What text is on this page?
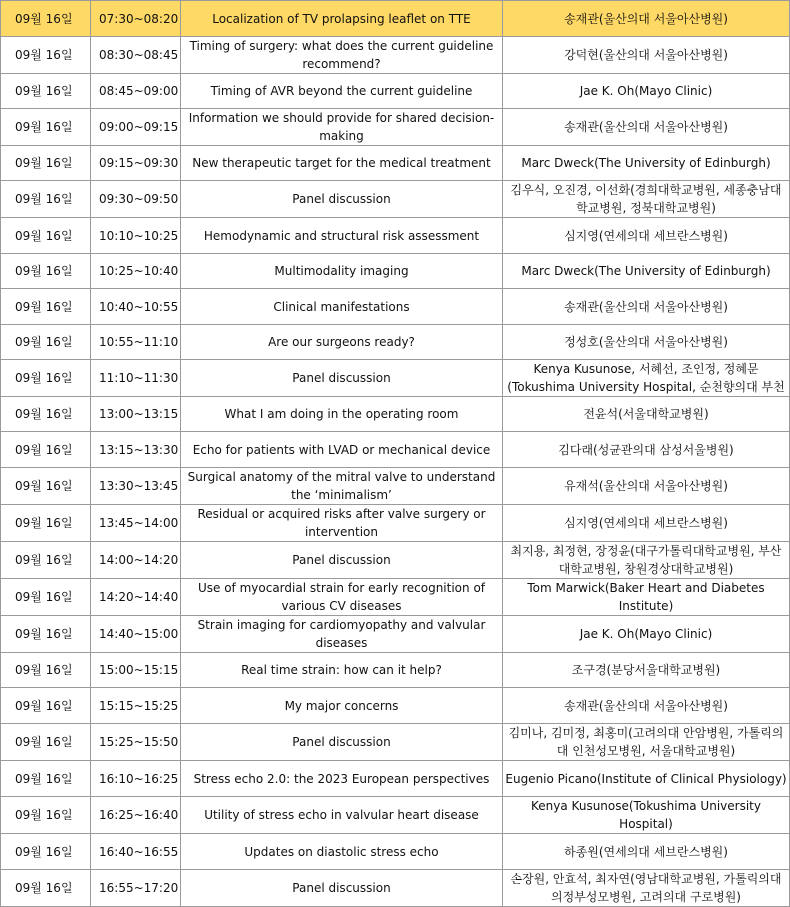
09월 16일	07:30~08:20	Localization of TV prolapsing leaflet on TTE	송재관(울산의대 서울아산병원)
09월 16일	08:30~08:45	Timing of surgery: what does the current guideline recommend?	강덕현(울산의대 서울아산병원)
09월 16일	08:45~09:00	Timing of AVR beyond the current guideline	Jae K. Oh(Mayo Clinic)
09월 16일	09:00~09:15	Information we should provide for shared decision-making	송재관(울산의대 서울아산병원)
09월 16일	09:15~09:30	New therapeutic target for the medical treatment	Marc Dweck(The University of Edinburgh)
09월 16일	09:30~09:50	Panel discussion	김우식, 오진경, 이선화(경희대학교병원, 세종충남대학교병원, 정북대학교병원)
09월 16일	10:10~10:25	Hemodynamic and structural risk assessment	심지영(연세의대 세브란스병원)
09월 16일	10:25~10:40	Multimodality imaging	Marc Dweck(The University of Edinburgh)
09월 16일	10:40~10:55	Clinical manifestations	송재관(울산의대 서울아산병원)
09월 16일	10:55~11:10	Are our surgeons ready?	정성호(울산의대 서울아산병원)
09월 16일	11:10~11:30	Panel discussion	Kenya Kusunose, 서혜선, 조인정, 정혜문(Tokushima University Hospital, 순천향의대 부천
09월 16일	13:00~13:15	What I am doing in the operating room	전윤석(서울대학교병원)
09월 16일	13:15~13:30	Echo for patients with LVAD or mechanical device	김다래(성균관의대 삼성서울병원)
09월 16일	13:30~13:45	Surgical anatomy of the mitral valve to understand the ‘minimalism’	유재석(울산의대 서울아산병원)
09월 16일	13:45~14:00	Residual or acquired risks after valve surgery or intervention	심지영(연세의대 세브란스병원)
09월 16일	14:00~14:20	Panel discussion	최지용, 최정현, 장정윤(대구가톨릭대학교병원, 부산대학교병원, 창원경상대학교병원)
09월 16일	14:20~14:40	Use of myocardial strain for early recognition of various CV diseases	Tom Marwick(Baker Heart and Diabetes Institute)
09월 16일	14:40~15:00	Strain imaging for cardiomyopathy and valvular diseases	Jae K. Oh(Mayo Clinic)
09월 16일	15:00~15:15	Real time strain: how can it help?	조구경(분당서울대학교병원)
09월 16일	15:15~15:25	My major concerns	송재관(울산의대 서울아산병원)
09월 16일	15:25~15:50	Panel discussion	김미나, 김미정, 최홍미(고려의대 안암병원, 가톨릭의대 인천성모병원, 서울대학교병원)
09월 16일	16:10~16:25	Stress echo 2.0: the 2023 European perspectives	Eugenio Picano(Institute of Clinical Physiology)
09월 16일	16:25~16:40	Utility of stress echo in valvular heart disease	Kenya Kusunose(Tokushima University Hospital)
09월 16일	16:40~16:55	Updates on diastolic stress echo	하종원(연세의대 세브란스병원)
09월 16일	16:55~17:20	Panel discussion	손장원, 안효석, 최자연(영남대학교병원, 가톨릭의대 의정부성모병원, 고려의대 구로병원)
